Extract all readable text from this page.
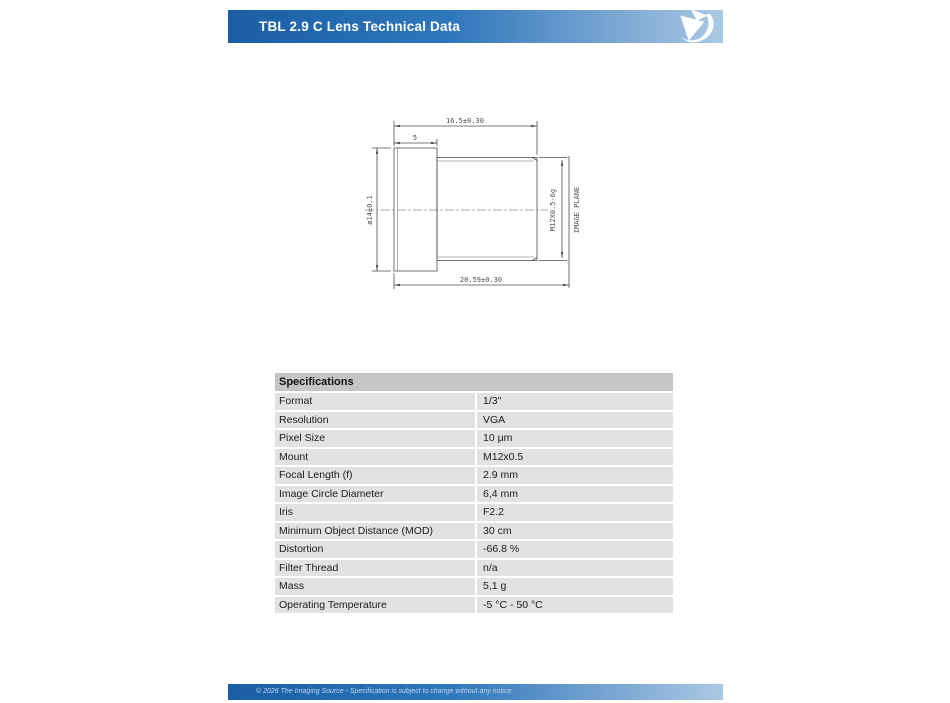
TBL 2.9 C Lens Technical Data
ø14±0.1
16.5±0.30
5
M12X0.5-6g IMAGE PLANE
20.59±0.30
Specifications
Format	1/3"
Resolution	VGA
Pixel Size	10 μm
Mount	M12x0.5
Focal Length (f)	2.9 mm
Image Circle Diameter	6,4 mm
Iris	F2.2
Minimum Object Distance (MOD)	30 cm
Distortion	-66.8 %
Filter Thread	n/a
Mass	5,1 g
Operating Temperature	-5 °C - 50 °C
© 2026 The Imaging Source - Specification is subject to change without any notice.
